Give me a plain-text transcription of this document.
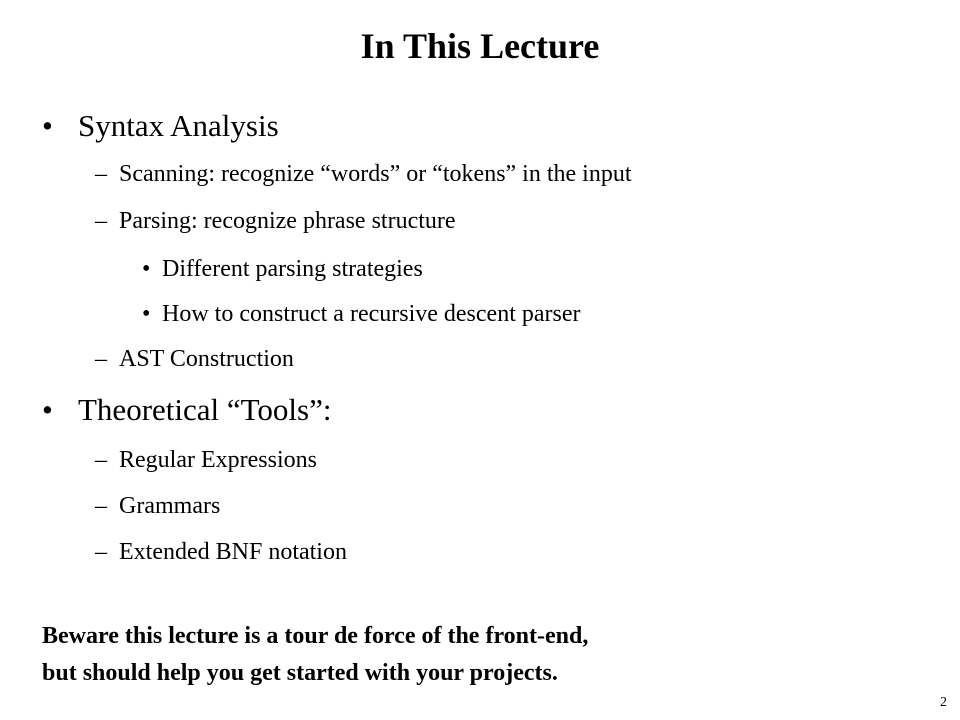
In This Lecture
• Syntax Analysis
– Scanning: recognize “words” or “tokens” in the input
– Parsing: recognize phrase structure
• Different parsing strategies
• How to construct a recursive descent parser
– AST Construction
• Theoretical “Tools”:
– Regular Expressions
– Grammars
– Extended BNF notation
Beware this lecture is a tour de force of the front-end,
but should help you get started with your projects.
2
